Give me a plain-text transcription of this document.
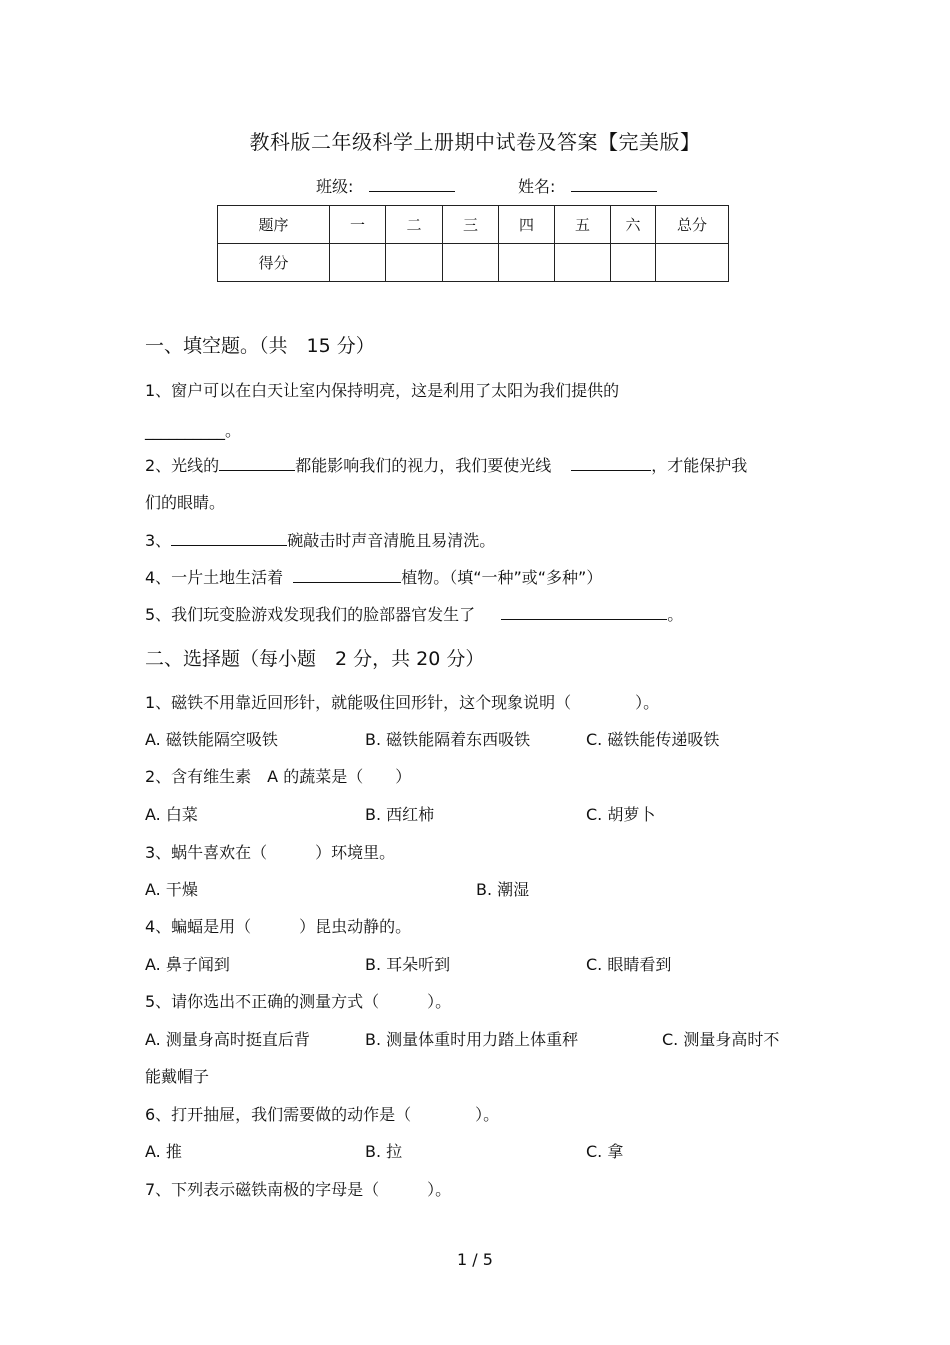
教科版二年级科学上册期中试卷及答案【完美版】
班级:	姓名:
题序	一	二	三	四	五	六	总分
得分							
一、填空题。（共　15 分）
1、窗户可以在白天让室内保持明亮，这是利用了太阳为我们提供的
__________。
2、光线的	都能影响我们的视力，我们要使光线	，才能保护我
们的眼睛。
3、	碗敲击时声音清脆且易清洗。
4、一片土地生活着	植物。（填“一种”或“多种”）
5、我们玩变脸游戏发现我们的脸部器官发生了	。
二、选择题（每小题　2 分，共 20 分）
1、磁铁不用靠近回形针，就能吸住回形针，这个现象说明（　　　　）。
A. 磁铁能隔空吸铁	B. 磁铁能隔着东西吸铁	C. 磁铁能传递吸铁
2、含有维生素　A 的蔬菜是（　　）
A. 白菜	B. 西红柿	C. 胡萝卜
3、蜗牛喜欢在（　　　）环境里。
A. 干燥	B. 潮湿
4、蝙蝠是用（　　　）昆虫动静的。
A. 鼻子闻到	B. 耳朵听到	C. 眼睛看到
5、请你选出不正确的测量方式（　　　）。
A. 测量身高时挺直后背	B. 测量体重时用力踏上体重秤	C. 测量身高时不
能戴帽子
6、打开抽屉，我们需要做的动作是（　　　　）。
A. 推	B. 拉	C. 拿
7、下列表示磁铁南极的字母是（　　　）。
1 / 5
